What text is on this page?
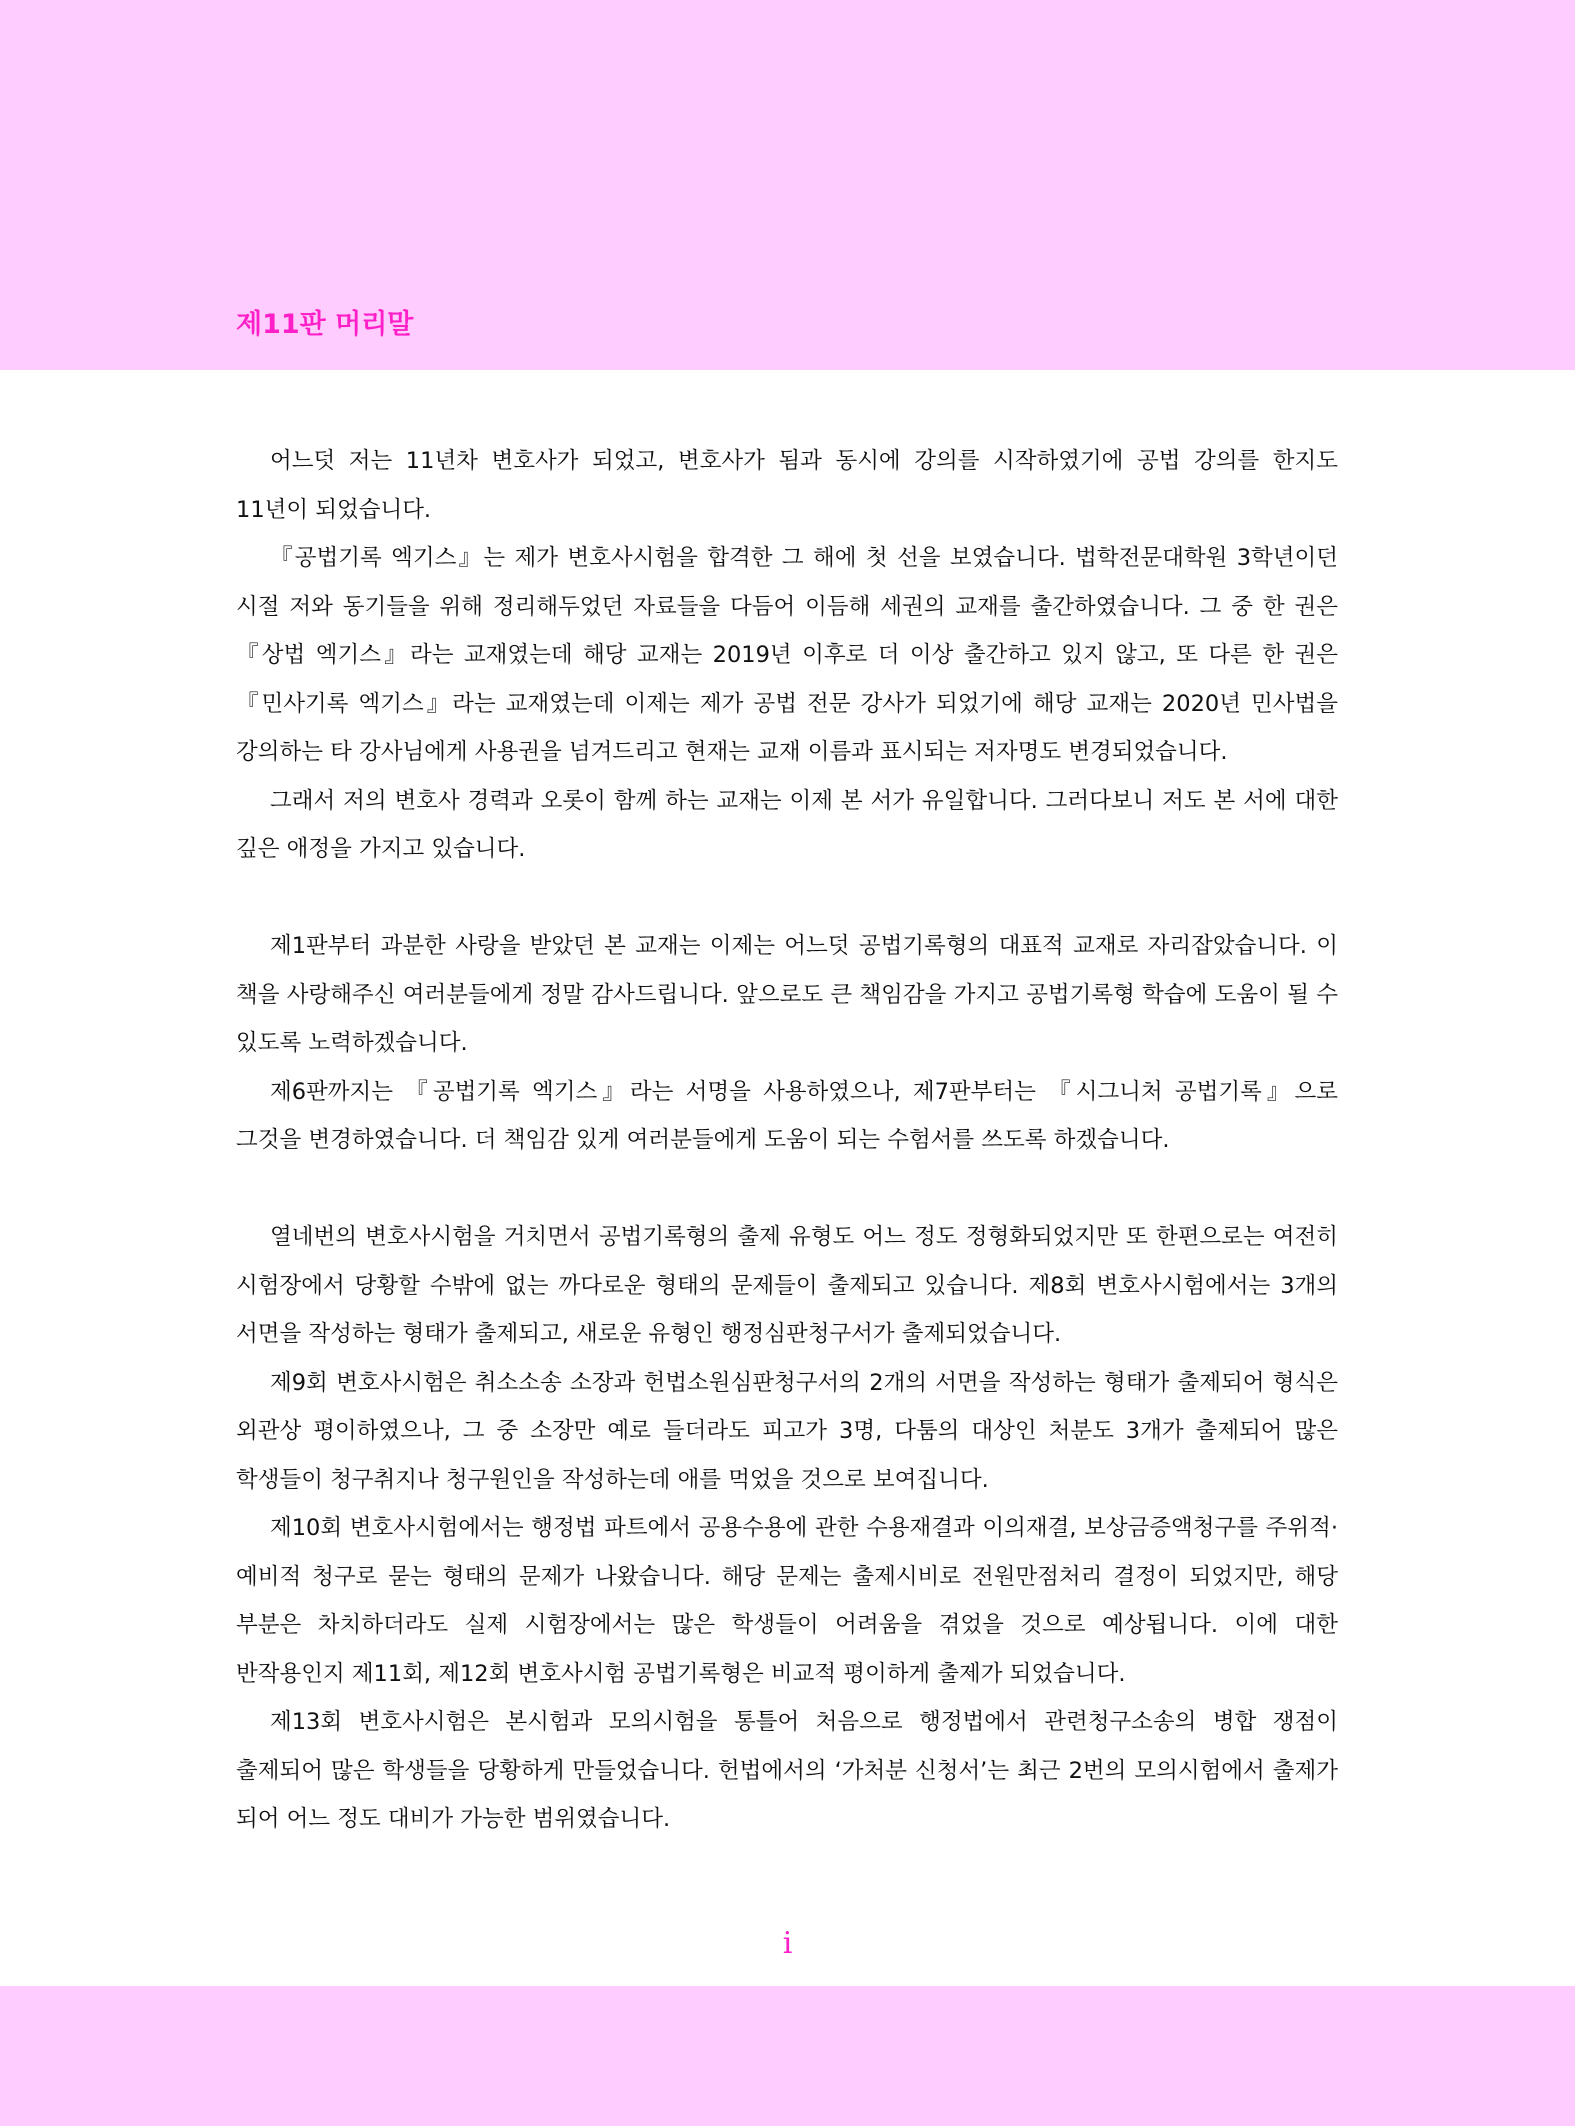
제11판 머리말

어느덧 저는 11년차 변호사가 되었고, 변호사가 됨과 동시에 강의를 시작하였기에 공법 강의를 한지도 11년이 되었습니다.

『공법기록 엑기스』는 제가 변호사시험을 합격한 그 해에 첫 선을 보였습니다. 법학전문대학원 3학년이던 시절 저와 동기들을 위해 정리해두었던 자료들을 다듬어 이듬해 세권의 교재를 출간하였습니다. 그 중 한 권은 『상법 엑기스』라는 교재였는데 해당 교재는 2019년 이후로 더 이상 출간하고 있지 않고, 또 다른 한 권은 『민사기록 엑기스』라는 교재였는데 이제는 제가 공법 전문 강사가 되었기에 해당 교재는 2020년 민사법을 강의하는 타 강사님에게 사용권을 넘겨드리고 현재는 교재 이름과 표시되는 저자명도 변경되었습니다.

그래서 저의 변호사 경력과 오롯이 함께 하는 교재는 이제 본 서가 유일합니다. 그러다보니 저도 본 서에 대한 깊은 애정을 가지고 있습니다.

제1판부터 과분한 사랑을 받았던 본 교재는 이제는 어느덧 공법기록형의 대표적 교재로 자리잡았습니다. 이 책을 사랑해주신 여러분들에게 정말 감사드립니다. 앞으로도 큰 책임감을 가지고 공법기록형 학습에 도움이 될 수 있도록 노력하겠습니다.

제6판까지는 『공법기록 엑기스』라는 서명을 사용하였으나, 제7판부터는 『시그니처 공법기록』으로 그것을 변경하였습니다. 더 책임감 있게 여러분들에게 도움이 되는 수험서를 쓰도록 하겠습니다.

열네번의 변호사시험을 거치면서 공법기록형의 출제 유형도 어느 정도 정형화되었지만 또 한편으로는 여전히 시험장에서 당황할 수밖에 없는 까다로운 형태의 문제들이 출제되고 있습니다. 제8회 변호사시험에서는 3개의 서면을 작성하는 형태가 출제되고, 새로운 유형인 행정심판청구서가 출제되었습니다.

제9회 변호사시험은 취소소송 소장과 헌법소원심판청구서의 2개의 서면을 작성하는 형태가 출제되어 형식은 외관상 평이하였으나, 그 중 소장만 예로 들더라도 피고가 3명, 다툼의 대상인 처분도 3개가 출제되어 많은 학생들이 청구취지나 청구원인을 작성하는데 애를 먹었을 것으로 보여집니다.

제10회 변호사시험에서는 행정법 파트에서 공용수용에 관한 수용재결과 이의재결, 보상금증액청구를 주위적·예비적 청구로 묻는 형태의 문제가 나왔습니다. 해당 문제는 출제시비로 전원만점처리 결정이 되었지만, 해당 부분은 차치하더라도 실제 시험장에서는 많은 학생들이 어려움을 겪었을 것으로 예상됩니다. 이에 대한 반작용인지 제11회, 제12회 변호사시험 공법기록형은 비교적 평이하게 출제가 되었습니다.

제13회 변호사시험은 본시험과 모의시험을 통틀어 처음으로 행정법에서 관련청구소송의 병합 쟁점이 출제되어 많은 학생들을 당황하게 만들었습니다. 헌법에서의 ‘가처분 신청서’는 최근 2번의 모의시험에서 출제가 되어 어느 정도 대비가 가능한 범위였습니다.

i
